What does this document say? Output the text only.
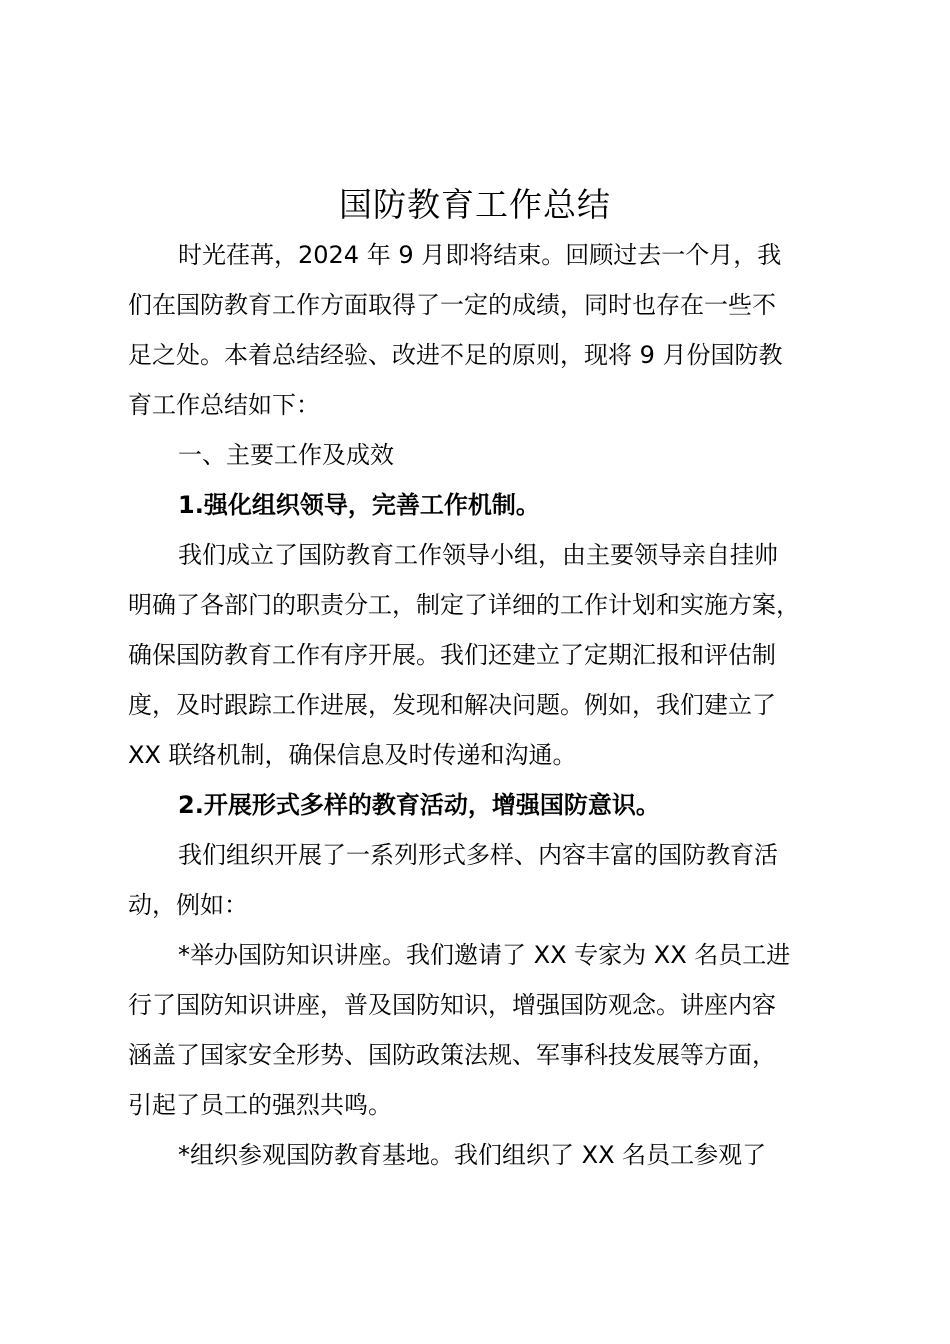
国防教育工作总结

时光荏苒，2024 年 9 月即将结束。回顾过去一个月，我

们在国防教育工作方面取得了一定的成绩，同时也存在一些不

足之处。本着总结经验、改进不足的原则，现将 9 月份国防教

育工作总结如下：

一、主要工作及成效

1.强化组织领导，完善工作机制。

我们成立了国防教育工作领导小组，由主要领导亲自挂帅

明确了各部门的职责分工，制定了详细的工作计划和实施方案，

确保国防教育工作有序开展。我们还建立了定期汇报和评估制

度，及时跟踪工作进展，发现和解决问题。例如，我们建立了

XX 联络机制，确保信息及时传递和沟通。

2.开展形式多样的教育活动，增强国防意识。

我们组织开展了一系列形式多样、内容丰富的国防教育活

动，例如：

*举办国防知识讲座。我们邀请了 XX 专家为 XX 名员工进

行了国防知识讲座，普及国防知识，增强国防观念。讲座内容

涵盖了国家安全形势、国防政策法规、军事科技发展等方面，

引起了员工的强烈共鸣。

*组织参观国防教育基地。我们组织了 XX 名员工参观了
